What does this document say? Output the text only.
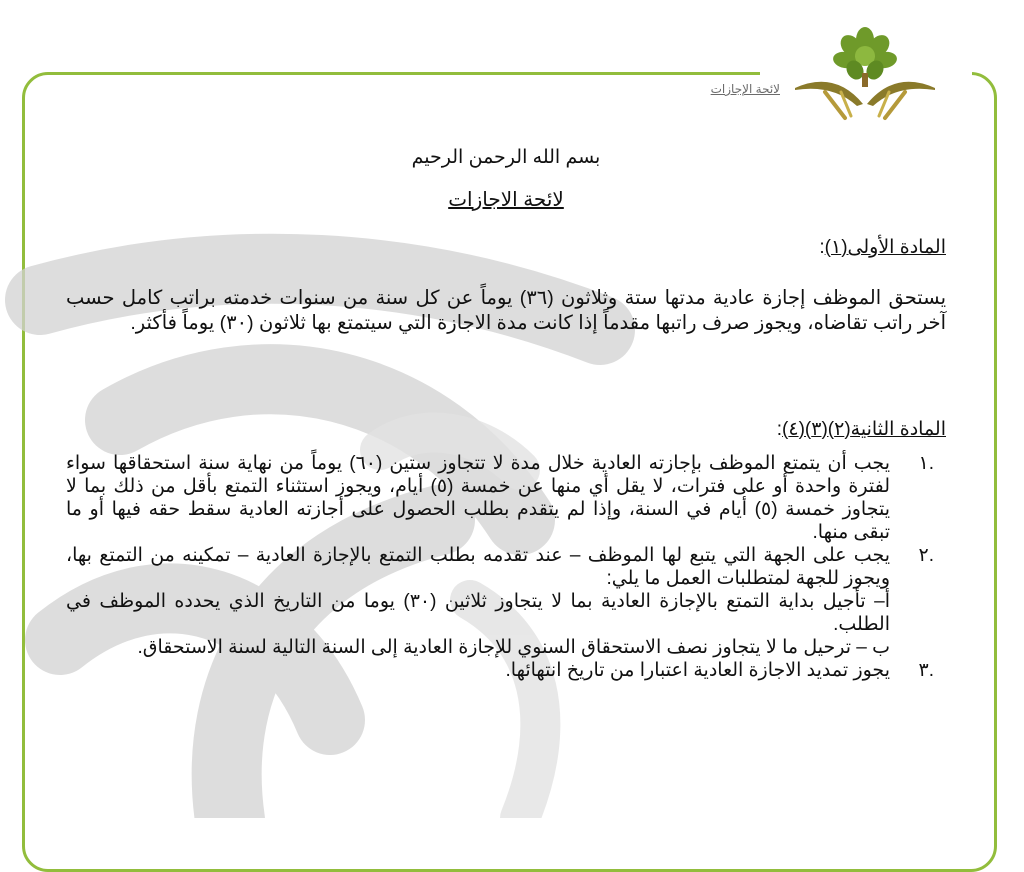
لائحة الإجازات
بسم الله الرحمن الرحيم
لائحة الاجازات
المادة الأولى(١):
يستحق الموظف إجازة عادية مدتها ستة وثلاثون (٣٦) يوماً عن كل سنة من سنوات خدمته براتب كامل حسب آخر راتب تقاضاه، ويجوز صرف راتبها مقدماً إذا كانت مدة الاجازة التي سيتمتع بها ثلاثون (٣٠) يوماً فأكثر.
المادة الثانية(٢)(٣)(٤):
.١
يجب أن يتمتع الموظف بإجازته العادية خلال مدة لا تتجاوز ستين (٦٠) يوماً من نهاية سنة استحقاقها سواء لفترة واحدة أو على فترات، لا يقل أي منها عن خمسة (٥) أيام، ويجوز استثناء التمتع بأقل من ذلك بما لا يتجاوز خمسة (٥) أيام في السنة، وإذا لم يتقدم بطلب الحصول على أجازته العادية سقط حقه فيها أو ما تبقى منها.
.٢
يجب على الجهة التي يتبع لها الموظف – عند تقدمه بطلب التمتع بالإجازة العادية – تمكينه من التمتع بها، ويجوز للجهة لمتطلبات العمل ما يلي:
أ– تأجيل بداية التمتع بالإجازة العادية بما لا يتجاوز ثلاثين (٣٠) يوما من التاريخ الذي يحدده الموظف في الطلب.
ب – ترحيل ما لا يتجاوز نصف الاستحقاق السنوي للإجازة العادية إلى السنة التالية لسنة الاستحقاق.
.٣
يجوز تمديد الاجازة العادية اعتبارا من تاريخ انتهائها.
